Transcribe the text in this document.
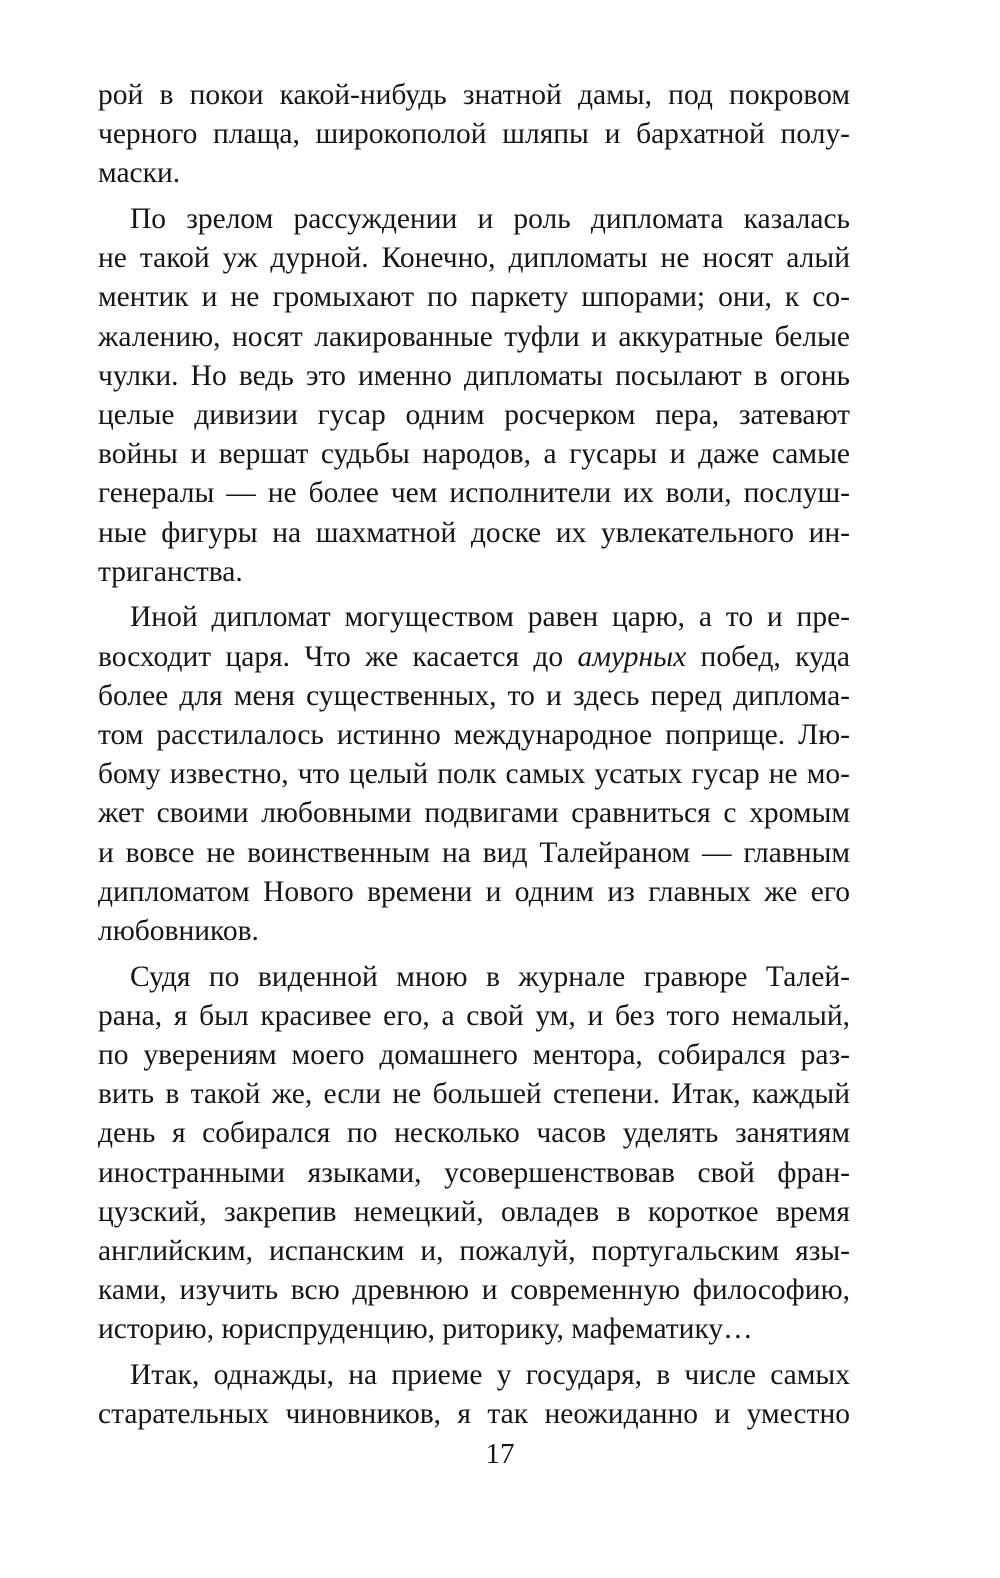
рой в покои какой-нибудь знатной дамы, под покровом
черного плаща, широкополой шляпы и бархатной полу-
маски.
По зрелом рассуждении и роль дипломата казалась
не такой уж дурной. Конечно, дипломаты не носят алый
ментик и не громыхают по паркету шпорами; они, к со-
жалению, носят лакированные туфли и аккуратные белые
чулки. Но ведь это именно дипломаты посылают в огонь
целые дивизии гусар одним росчерком пера, затевают
войны и вершат судьбы народов, а гусары и даже самые
генералы — не более чем исполнители их воли, послуш-
ные фигуры на шахматной доске их увлекательного ин-
триганства.
Иной дипломат могуществом равен царю, а то и пре-
восходит царя. Что же касается до амурных побед, куда
более для меня существенных, то и здесь перед диплома-
том расстилалось истинно международное поприще. Лю-
бому известно, что целый полк самых усатых гусар не мо-
жет своими любовными подвигами сравниться с хромым
и вовсе не воинственным на вид Талейраном — главным
дипломатом Нового времени и одним из главных же его
любовников.
Судя по виденной мною в журнале гравюре Талей-
рана, я был красивее его, а свой ум, и без того немалый,
по уверениям моего домашнего ментора, собирался раз-
вить в такой же, если не большей степени. Итак, каждый
день я собирался по несколько часов уделять занятиям
иностранными языками, усовершенствовав свой фран-
цузский, закрепив немецкий, овладев в короткое время
английским, испанским и, пожалуй, португальским язы-
ками, изучить всю древнюю и современную философию,
историю, юриспруденцию, риторику, мафематику…
Итак, однажды, на приеме у государя, в числе самых
старательных чиновников, я так неожиданно и уместно
17
